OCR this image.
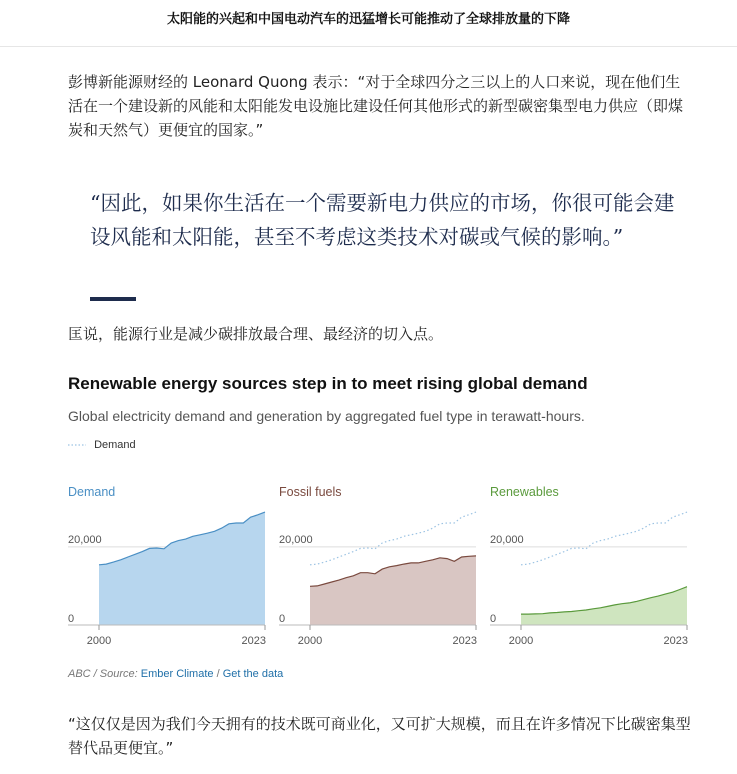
太阳能的兴起和中国电动汽车的迅猛增长可能推动了全球排放量的下降
彭博新能源财经的 Leonard Quong 表示：“对于全球四分之三以上的人口来说，现在他们生活在一个建设新的风能和太阳能发电设施比建设任何其他形式的新型碳密集型电力供应（即煤炭和天然气）更便宜的国家。”
“因此，如果你生活在一个需要新电力供应的市场，你很可能会建设风能和太阳能，甚至不考虑这类技术对碳或气候的影响。”
匡说，能源行业是减少碳排放最合理、最经济的切入点。
Renewable energy sources step in to meet rising global demand
Global electricity demand and generation by aggregated fuel type in terawatt-hours.
Demand
Demand
0
20,000
2000	2023
Fossil fuels
0
20,000
2000	2023
Renewables
0
20,000
2000	2023
ABC / Source: Ember Climate / Get the data
“这仅仅是因为我们今天拥有的技术既可商业化，又可扩大规模，而且在许多情况下比碳密集型替代品更便宜。”
